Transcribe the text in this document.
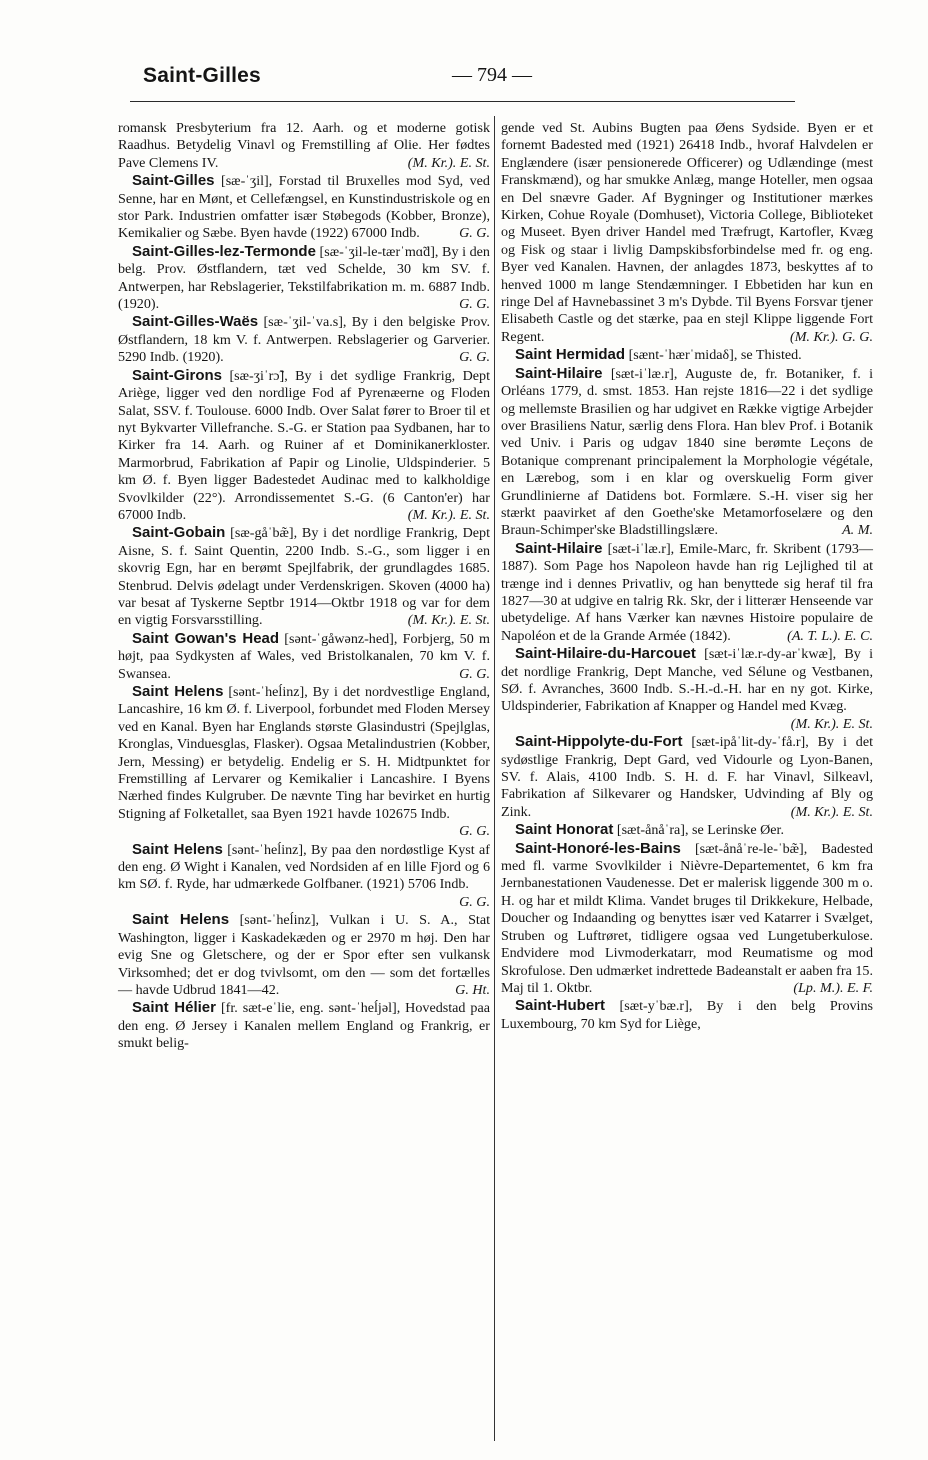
Saint-Gilles	— 794 —

romansk Presbyterium fra 12. Aarh. og et moderne gotisk Raadhus. Betydelig Vinavl og Fremstilling af Olie. Her fødtes Pave Clemens IV.	(M. Kr.). E. St.

Saint-Gilles [sæ-ˈʒil], Forstad til Bruxelles mod Syd, ved Senne, har en Mønt, et Cellefængsel, en Kunstindustriskole og en stor Park. Industrien omfatter især Støbegods (Kobber, Bronze), Kemikalier og Sæbe. Byen havde (1922) 67000 Indb.	G. G.

Saint-Gilles-lez-Termonde [sæ-ˈʒil-le-tærˈmɑ̃d], By i den belg. Prov. Østflandern, tæt ved Schelde, 30 km SV. f. Antwerpen, har Rebslagerier, Tekstilfabrikation m. m. 6887 Indb. (1920).	G. G.

Saint-Gilles-Waës [sæ-ˈʒil-ˈva.s], By i den belgiske Prov. Østflandern, 18 km V. f. Antwerpen. Rebslagerier og Garverier. 5290 Indb. (1920).	G. G.

Saint-Girons [sæ-ʒiˈrɔ̃], By i det sydlige Frankrig, Dept Ariège, ligger ved den nordlige Fod af Pyrenæerne og Floden Salat, SSV. f. Toulouse. 6000 Indb. Over Salat fører to Broer til et nyt Bykvarter Villefranche. S.-G. er Station paa Sydbanen, har to Kirker fra 14. Aarh. og Ruiner af et Dominikanerkloster. Marmorbrud, Fabrikation af Papir og Linolie, Uldspinderier. 5 km Ø. f. Byen ligger Badestedet Audinac med to kalkholdige Svovlkilder (22°). Arrondissementet S.-G. (6 Canton'er) har 67000 Indb.	(M. Kr.). E. St.

Saint-Gobain [sæ-gåˈbæ̃], By i det nordlige Frankrig, Dept Aisne, S. f. Saint Quentin, 2200 Indb. S.-G., som ligger i en skovrig Egn, har en berømt Spejlfabrik, der grundlagdes 1685. Stenbrud. Delvis ødelagt under Verdenskrigen. Skoven (4000 ha) var besat af Tyskerne Septbr 1914—Oktbr 1918 og var for dem en vigtig Forsvarsstilling.	(M. Kr.). E. St.

Saint Gowan's Head [sənt-ˈgåwənz-hed], Forbjerg, 50 m højt, paa Sydkysten af Wales, ved Bristolkanalen, 70 km V. f. Swansea.	G. G.

Saint Helens [sənt-ˈheĺinz], By i det nordvestlige England, Lancashire, 16 km Ø. f. Liverpool, forbundet med Floden Mersey ved en Kanal. Byen har Englands største Glasindustri (Spejlglas, Kronglas, Vinduesglas, Flasker). Ogsaa Metalindustrien (Kobber, Jern, Messing) er betydelig. Endelig er S. H. Midtpunktet for Fremstilling af Lervarer og Kemikalier i Lancashire. I Byens Nærhed findes Kulgruber. De nævnte Ting har bevirket en hurtig Stigning af Folketallet, saa Byen 1921 havde 102675 Indb.
G. G.

Saint Helens [sənt-ˈheĺinz], By paa den nordøstlige Kyst af den eng. Ø Wight i Kanalen, ved Nordsiden af en lille Fjord og 6 km SØ. f. Ryde, har udmærkede Golfbaner. (1921) 5706 Indb.
G. G.

Saint Helens [sənt-ˈheĺinz], Vulkan i U. S. A., Stat Washington, ligger i Kaskadekæden og er 2970 m høj. Den har evig Sne og Gletschere, og der er Spor efter sen vulkansk Virksomhed; det er dog tvivlsomt, om den — som det fortælles — havde Udbrud 1841—42.	G. Ht.

Saint Hélier [fr. sæt-eˈlie, eng. sənt-ˈheĺjəl], Hovedstad paa den eng. Ø Jersey i Kanalen mellem England og Frankrig, er smukt belig-

gende ved St. Aubins Bugten paa Øens Sydside. Byen er et fornemt Badested med (1921) 26418 Indb., hvoraf Halvdelen er Englændere (især pensionerede Officerer) og Udlændinge (mest Franskmænd), og har smukke Anlæg, mange Hoteller, men ogsaa en Del snævre Gader. Af Bygninger og Institutioner mærkes Kirken, Cohue Royale (Domhuset), Victoria College, Biblioteket og Museet. Byen driver Handel med Træfrugt, Kartofler, Kvæg og Fisk og staar i livlig Dampskibsforbindelse med fr. og eng. Byer ved Kanalen. Havnen, der anlagdes 1873, beskyttes af to henved 1000 m lange Stendæmninger. I Ebbetiden har kun en ringe Del af Havnebassinet 3 m's Dybde. Til Byens Forsvar tjener Elisabeth Castle og det stærke, paa en stejl Klippe liggende Fort Regent.	(M. Kr.). G. G.

Saint Hermidad [sænt-ˈhærˈmidaδ], se Thisted.

Saint-Hilaire [sæt-iˈlæ.r], Auguste de, fr. Botaniker, f. i Orléans 1779, d. smst. 1853. Han rejste 1816—22 i det sydlige og mellemste Brasilien og har udgivet en Række vigtige Arbejder over Brasiliens Natur, særlig dens Flora. Han blev Prof. i Botanik ved Univ. i Paris og udgav 1840 sine berømte Leçons de Botanique comprenant principalement la Morphologie végétale, en Lærebog, som i en klar og overskuelig Form giver Grundlinierne af Datidens bot. Formlære. S.-H. viser sig her stærkt paavirket af den Goethe'ske Metamorfoselære og den Braun-Schimper'ske Bladstillingslære.	A. M.

Saint-Hilaire [sæt-iˈlæ.r], Emile-Marc, fr. Skribent (1793—1887). Som Page hos Napoleon havde han rig Lejlighed til at trænge ind i dennes Privatliv, og han benyttede sig heraf til fra 1827—30 at udgive en talrig Rk. Skr, der i litterær Henseende var ubetydelige. Af hans Værker kan nævnes Histoire populaire de Napoléon et de la Grande Armée (1842).	(A. T. L.). E. C.

Saint-Hilaire-du-Harcouet [sæt-iˈlæ.r-dy-arˈkwæ], By i det nordlige Frankrig, Dept Manche, ved Sélune og Vestbanen, SØ. f. Avranches, 3600 Indb. S.-H.-d.-H. har en ny got. Kirke, Uldspinderier, Fabrikation af Knapper og Handel med Kvæg.
(M. Kr.). E. St.

Saint-Hippolyte-du-Fort [sæt-ipåˈlit-dy-ˈfå.r], By i det sydøstlige Frankrig, Dept Gard, ved Vidourle og Lyon-Banen, SV. f. Alais, 4100 Indb. S. H. d. F. har Vinavl, Silkeavl, Fabrikation af Silkevarer og Handsker, Udvinding af Bly og Zink.	(M. Kr.). E. St.

Saint Honorat [sæt-ånåˈra], se Lerinske Øer.

Saint-Honoré-les-Bains [sæt-ånåˈre-le-ˈbæ̃], Badested med fl. varme Svovlkilder i Nièvre-Departementet, 6 km fra Jernbanestationen Vaudenesse. Det er malerisk liggende 300 m o. H. og har et mildt Klima. Vandet bruges til Drikkekure, Helbade, Doucher og Indaanding og benyttes især ved Katarrer i Svælget, Struben og Luftrøret, tidligere ogsaa ved Lungetuberkulose. Endvidere mod Livmoderkatarr, mod Reumatisme og mod Skrofulose. Den udmærket indrettede Badeanstalt er aaben fra 15. Maj til 1. Oktbr.	(Lp. M.). E. F.

Saint-Hubert [sæt-yˈbæ.r], By i den belg Provins Luxembourg, 70 km Syd for Liège,
